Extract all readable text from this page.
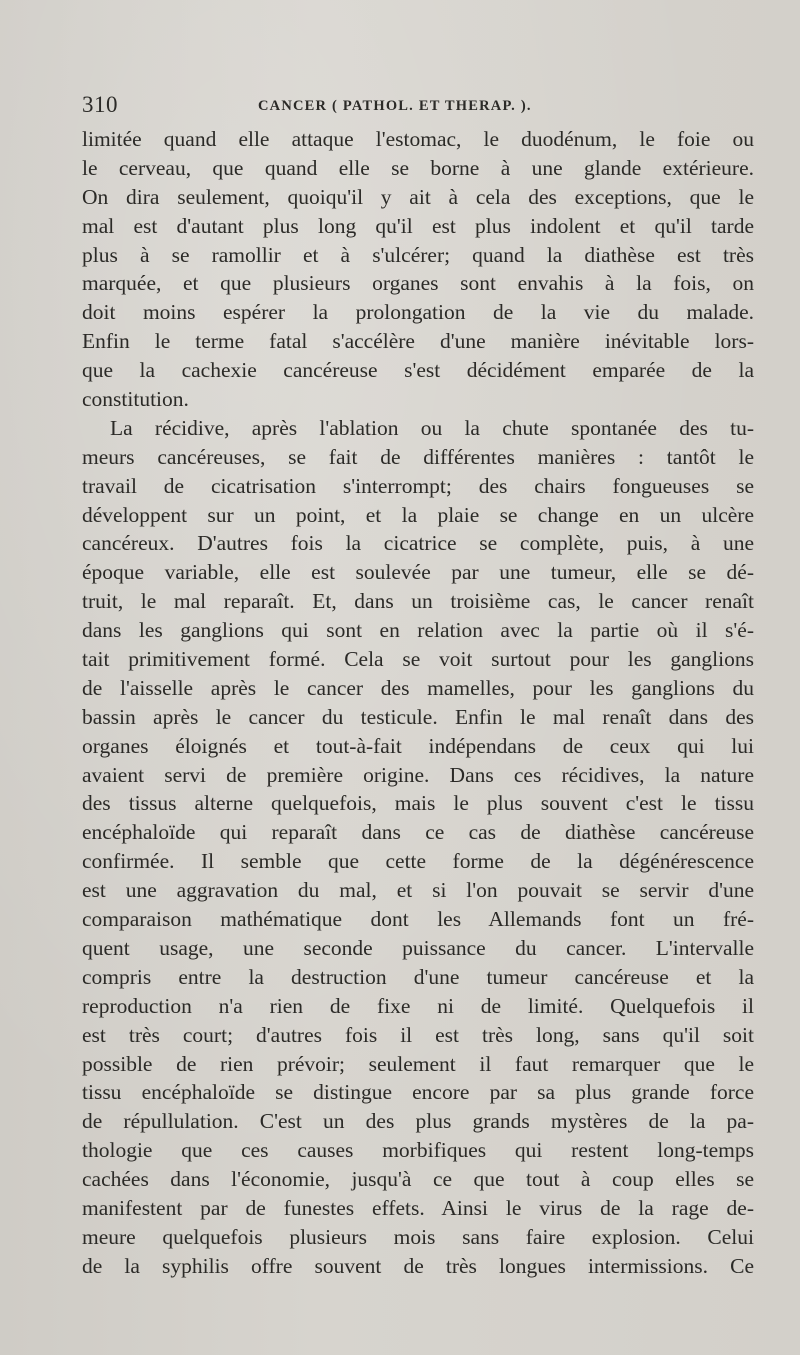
310	CANCER ( PATHOL. ET THERAP. ).
limitée quand elle attaque l'estomac, le duodénum, le foie ou
le cerveau, que quand elle se borne à une glande extérieure.
On dira seulement, quoiqu'il y ait à cela des exceptions, que le
mal est d'autant plus long qu'il est plus indolent et qu'il tarde
plus à se ramollir et à s'ulcérer; quand la diathèse est très
marquée, et que plusieurs organes sont envahis à la fois, on
doit moins espérer la prolongation de la vie du malade.
Enfin le terme fatal s'accélère d'une manière inévitable lors-
que la cachexie cancéreuse s'est décidément emparée de la
constitution.
La récidive, après l'ablation ou la chute spontanée des tu-
meurs cancéreuses, se fait de différentes manières : tantôt le
travail de cicatrisation s'interrompt; des chairs fongueuses se
développent sur un point, et la plaie se change en un ulcère
cancéreux. D'autres fois la cicatrice se complète, puis, à une
époque variable, elle est soulevée par une tumeur, elle se dé-
truit, le mal reparaît. Et, dans un troisième cas, le cancer renaît
dans les ganglions qui sont en relation avec la partie où il s'é-
tait primitivement formé. Cela se voit surtout pour les ganglions
de l'aisselle après le cancer des mamelles, pour les ganglions du
bassin après le cancer du testicule. Enfin le mal renaît dans des
organes éloignés et tout-à-fait indépendans de ceux qui lui
avaient servi de première origine. Dans ces récidives, la nature
des tissus alterne quelquefois, mais le plus souvent c'est le tissu
encéphaloïde qui reparaît dans ce cas de diathèse cancéreuse
confirmée. Il semble que cette forme de la dégénérescence
est une aggravation du mal, et si l'on pouvait se servir d'une
comparaison mathématique dont les Allemands font un fré-
quent usage, une seconde puissance du cancer. L'intervalle
compris entre la destruction d'une tumeur cancéreuse et la
reproduction n'a rien de fixe ni de limité. Quelquefois il
est très court; d'autres fois il est très long, sans qu'il soit
possible de rien prévoir; seulement il faut remarquer que le
tissu encéphaloïde se distingue encore par sa plus grande force
de répullulation. C'est un des plus grands mystères de la pa-
thologie que ces causes morbifiques qui restent long-temps
cachées dans l'économie, jusqu'à ce que tout à coup elles se
manifestent par de funestes effets. Ainsi le virus de la rage de-
meure quelquefois plusieurs mois sans faire explosion. Celui
de la syphilis offre souvent de très longues intermissions. Ce
